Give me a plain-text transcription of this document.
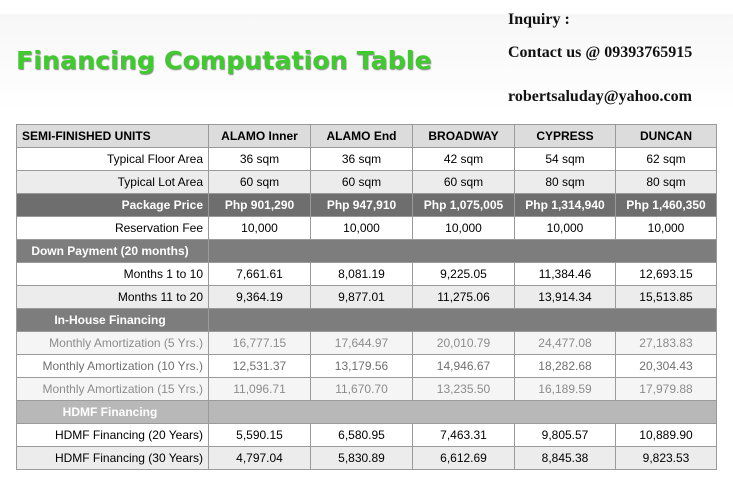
Financing Computation Table
Inquiry :
Contact us @ 09393765915
robertsaluday@yahoo.com
SEMI-FINISHED UNITS	ALAMO Inner	ALAMO End	BROADWAY	CYPRESS	DUNCAN
Typical Floor Area	36 sqm	36 sqm	42 sqm	54 sqm	62 sqm
Typical Lot Area	60 sqm	60 sqm	60 sqm	80 sqm	80 sqm
Package Price	Php 901,290	Php 947,910	Php 1,075,005	Php 1,314,940	Php 1,460,350
Reservation Fee	10,000	10,000	10,000	10,000	10,000
Down Payment (20 months)					
Months 1 to 10	7,661.61	8,081.19	9,225.05	11,384.46	12,693.15
Months 11 to 20	9,364.19	9,877.01	11,275.06	13,914.34	15,513.85
In-House Financing					
Monthly Amortization (5 Yrs.)	16,777.15	17,644.97	20,010.79	24,477.08	27,183.83
Monthly Amortization (10 Yrs.)	12,531.37	13,179.56	14,946.67	18,282.68	20,304.43
Monthly Amortization (15 Yrs.)	11,096.71	11,670.70	13,235.50	16,189.59	17,979.88
HDMF Financing					
HDMF Financing (20 Years)	5,590.15	6,580.95	7,463.31	9,805.57	10,889.90
HDMF Financing (30 Years)	4,797.04	5,830.89	6,612.69	8,845.38	9,823.53
